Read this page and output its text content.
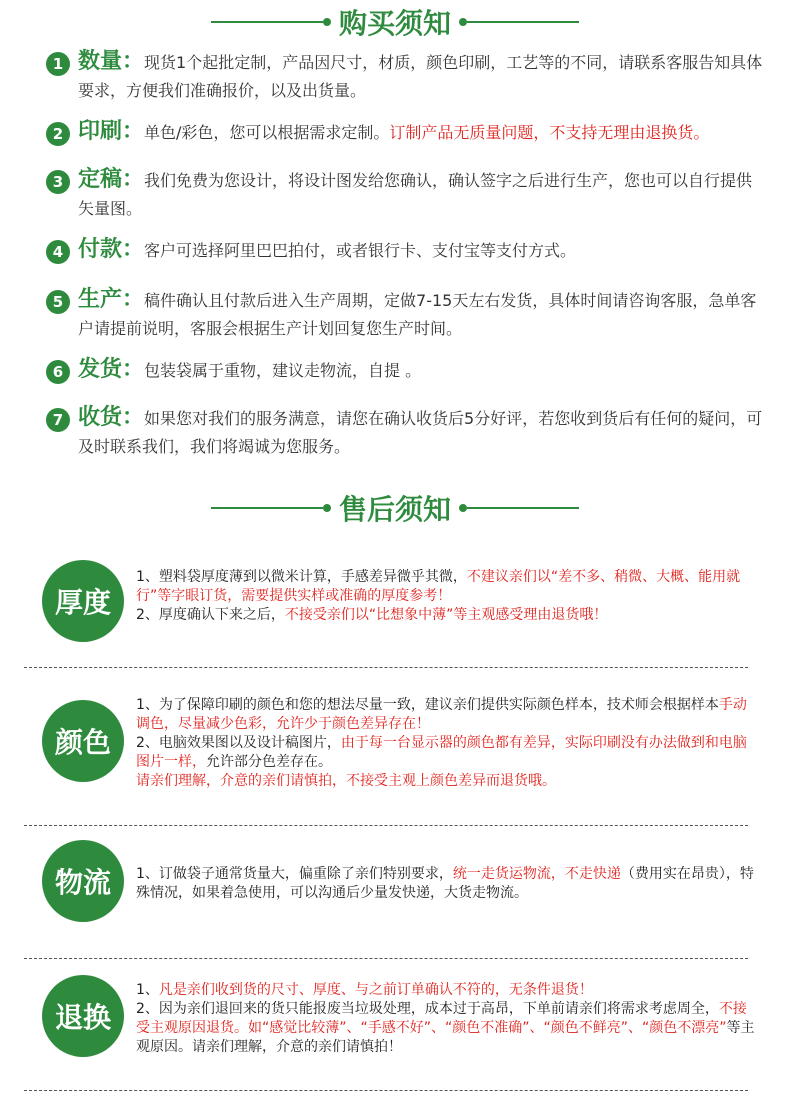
购买须知
1 数量：现货1个起批定制，产品因尺寸，材质，颜色印刷，工艺等的不同，请联系客服告知具体要求，方便我们准确报价，以及出货量。
2 印刷：单色/彩色，您可以根据需求定制。订制产品无质量问题，不支持无理由退换货。
3 定稿：我们免费为您设计，将设计图发给您确认，确认签字之后进行生产，您也可以自行提供矢量图。
4 付款：客户可选择阿里巴巴拍付，或者银行卡、支付宝等支付方式。
5 生产：稿件确认且付款后进入生产周期，定做7-15天左右发货，具体时间请咨询客服，急单客户请提前说明，客服会根据生产计划回复您生产时间。
6 发货：包装袋属于重物，建议走物流，自提 。
7 收货：如果您对我们的服务满意，请您在确认收货后5分好评，若您收到货后有任何的疑问，可及时联系我们，我们将竭诚为您服务。
售后须知
厚度

1、塑料袋厚度薄到以微米计算，手感差异微乎其微，不建议亲们以“差不多、稍微、大概、能用就行”等字眼订货，需要提供实样或准确的厚度参考！

2、厚度确认下来之后，不接受亲们以“比想象中薄”等主观感受理由退货哦！

颜色

1、为了保障印刷的颜色和您的想法尽量一致，建议亲们提供实际颜色样本，技术师会根据样本手动调色，尽量减少色彩，允许少于颜色差异存在！

2、电脑效果图以及设计稿图片，由于每一台显示器的颜色都有差异，实际印刷没有办法做到和电脑图片一样，允许部分色差存在。

请亲们理解，介意的亲们请慎拍，不接受主观上颜色差异而退货哦。

物流	1、订做袋子通常货量大，偏重除了亲们特别要求，统一走货运物流，不走快递（费用实在昂贵），特殊情况，如果着急使用，可以沟通后少量发快递，大货走物流。

退换

1、凡是亲们收到货的尺寸、厚度、与之前订单确认不符的，无条件退货！

2、因为亲们退回来的货只能报废当垃圾处理，成本过于高昂，下单前请亲们将需求考虑周全，不接受主观原因退货。如“感觉比较薄”、“手感不好”、“颜色不准确”、“颜色不鲜亮”、“颜色不漂亮”等主观原因。请亲们理解，介意的亲们请慎拍！
